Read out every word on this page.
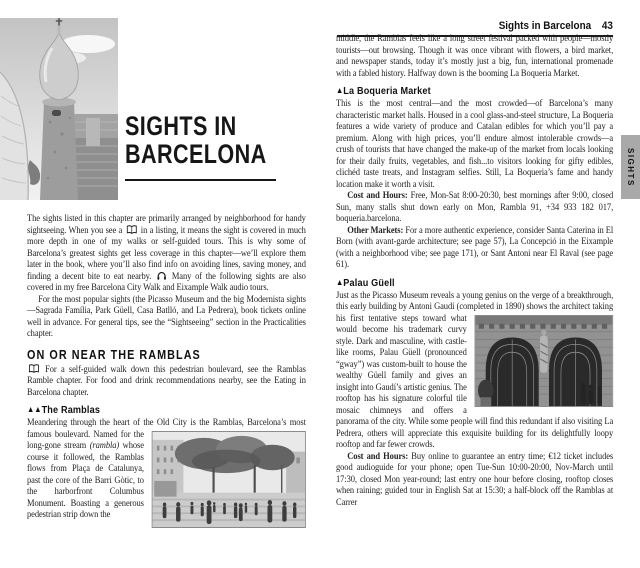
Sights in Barcelona 43
SIGHTS
SIGHTS IN
BARCELONA

The sights listed in this chapter are primarily arranged by neighborhood for handy sightseeing. When you see a in a listing, it means the sight is covered in much more depth in one of my walks or self-guided tours. This is why some of Barcelona’s greatest sights get less coverage in this chapter—we’ll explore them later in the book, where you’ll also find info on avoiding lines, saving money, and finding a decent bite to eat nearby. Many of the following sights are also covered in my free Barcelona City Walk and Eixample Walk audio tours.

For the most popular sights (the Picasso Museum and the big Modernista sights—Sagrada Família, Park Güell, Casa Batlló, and La Pedrera), book tickets online well in advance. For general tips, see the “Sightseeing” section in the Practicalities chapter.

ON OR NEAR THE RAMBLAS

For a self-guided walk down this pedestrian boulevard, see the Ramblas Ramble chapter. For food and drink recommendations nearby, see the Eating in Barcelona chapter.

▲▲The Ramblas

Meandering through the heart of the Old City is the Ramblas, Barcelona’s most famous boulevard. Named for the long-gone stream (rambla) whose course it followed, the Ramblas flows from Plaça de Catalunya, past the core of the Barri Gòtic, to the harborfront Columbus Monument. Boasting a generous pedestrian strip down the

middle, the Ramblas feels like a long street festival packed with people—mostly tourists—out browsing. Though it was once vibrant with flowers, a bird market, and newspaper stands, today it’s mostly just a big, fun, international promenade with a fabled history. Halfway down is the booming La Boqueria Market.

▲La Boqueria Market

This is the most central—and the most crowded—of Barcelona’s many characteristic market halls. Housed in a cool glass-and-steel structure, La Boqueria features a wide variety of produce and Catalan edibles for which you’ll pay a premium. Along with high prices, you’ll endure almost intolerable crowds—a crush of tourists that have changed the make-up of the market from locals looking for their daily fruits, vegetables, and fish...to visitors looking for gifty edibles, clichéd taste treats, and Instagram selfies. Still, La Boqueria’s fame and handy location make it worth a visit.

Cost and Hours: Free, Mon-Sat 8:00-20:30, best mornings after 9:00, closed Sun, many stalls shut down early on Mon, Rambla 91, +34 933 182 017, boqueria.barcelona.

Other Markets: For a more authentic experience, consider Santa Caterina in El Born (with avant-garde architecture; see page 57), La Concepció in the Eixample (with a neighborhood vibe; see page 171), or Sant Antoni near El Raval (see page 61).

▲Palau Güell

Just as the Picasso Museum reveals a young genius on the verge of a breakthrough, this early building by Antoni Gaudí (completed in 1890) shows the architect taking his first tentative steps toward what would become his trademark curvy style. Dark and masculine, with castle-like rooms, Palau Güell (pronounced “gway”) was custom-built to house the wealthy Güell family and gives an insight into Gaudí’s artistic genius. The rooftop has his signature colorful tile mosaic chimneys and offers a panorama of the city. While some people will find this redundant if also visiting La Pedrera, others will appreciate this exquisite building for its delightfully loopy rooftop and far fewer crowds.

Cost and Hours: Buy online to guarantee an entry time; €12 ticket includes good audioguide for your phone; open Tue-Sun 10:00-20:00, Nov-March until 17:30, closed Mon year-round; last entry one hour before closing, rooftop closes when raining; guided tour in English Sat at 15:30; a half-block off the Ramblas at Carrer
